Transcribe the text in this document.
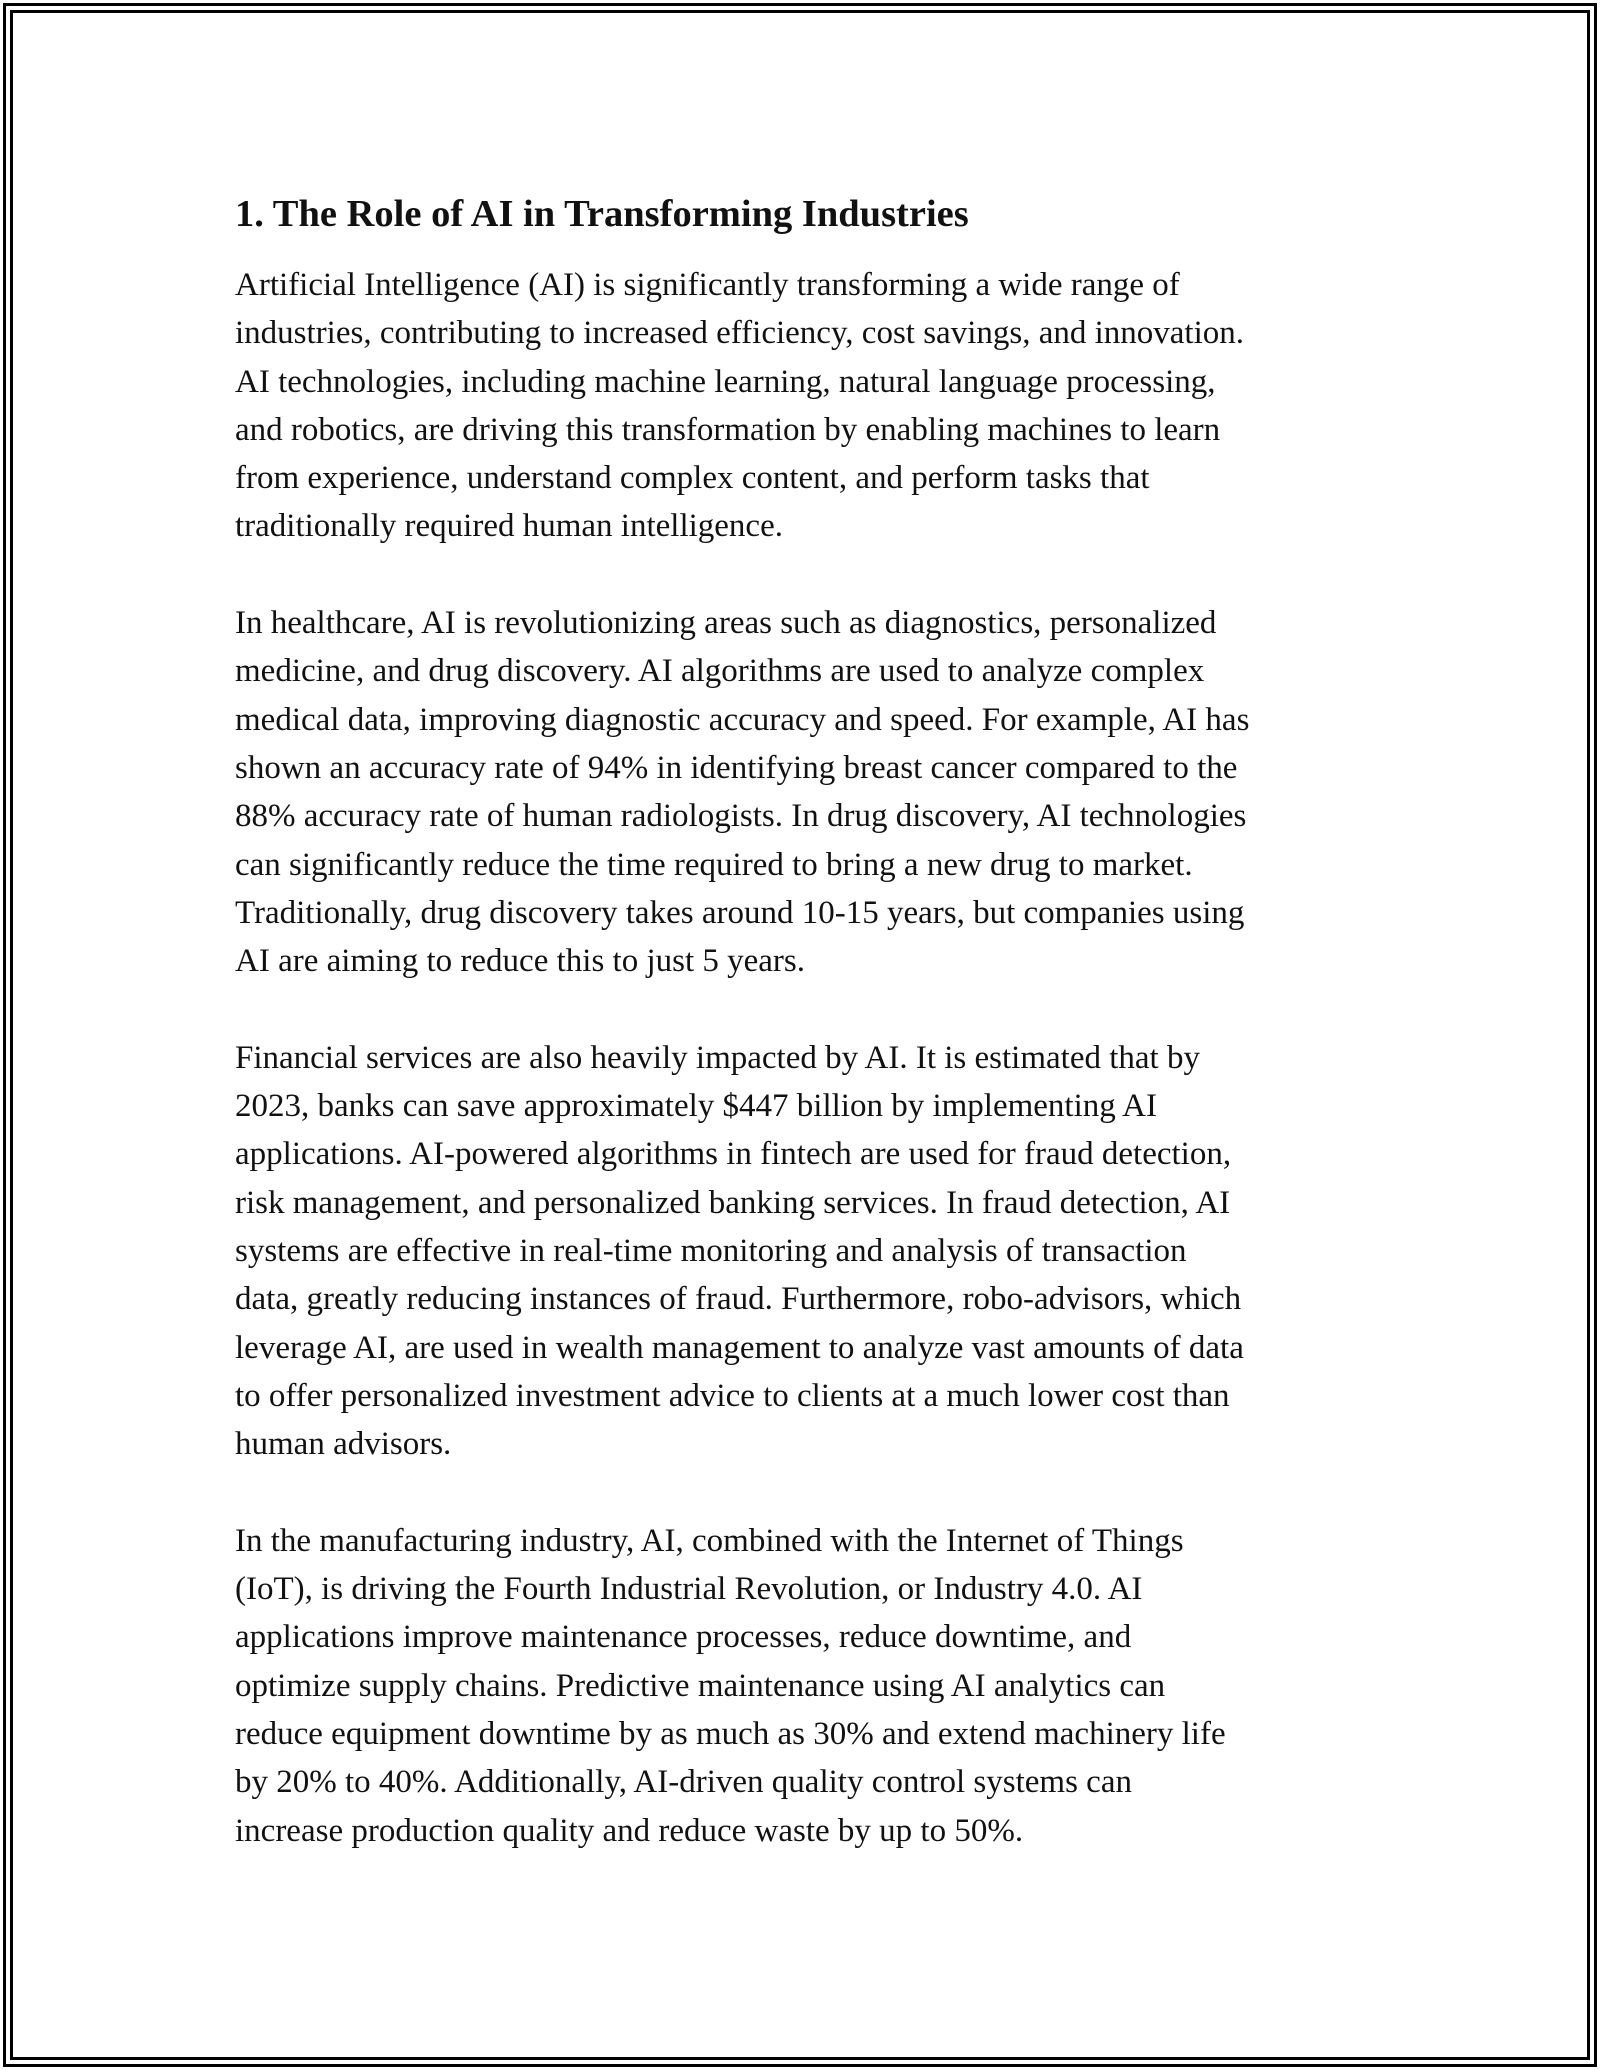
1. The Role of AI in Transforming Industries
Artificial Intelligence (AI) is significantly transforming a wide range of
industries, contributing to increased efficiency, cost savings, and innovation.
AI technologies, including machine learning, natural language processing,
and robotics, are driving this transformation by enabling machines to learn
from experience, understand complex content, and perform tasks that
traditionally required human intelligence.
In healthcare, AI is revolutionizing areas such as diagnostics, personalized
medicine, and drug discovery. AI algorithms are used to analyze complex
medical data, improving diagnostic accuracy and speed. For example, AI has
shown an accuracy rate of 94% in identifying breast cancer compared to the
88% accuracy rate of human radiologists. In drug discovery, AI technologies
can significantly reduce the time required to bring a new drug to market.
Traditionally, drug discovery takes around 10-15 years, but companies using
AI are aiming to reduce this to just 5 years.
Financial services are also heavily impacted by AI. It is estimated that by
2023, banks can save approximately $447 billion by implementing AI
applications. AI-powered algorithms in fintech are used for fraud detection,
risk management, and personalized banking services. In fraud detection, AI
systems are effective in real-time monitoring and analysis of transaction
data, greatly reducing instances of fraud. Furthermore, robo-advisors, which
leverage AI, are used in wealth management to analyze vast amounts of data
to offer personalized investment advice to clients at a much lower cost than
human advisors.
In the manufacturing industry, AI, combined with the Internet of Things
(IoT), is driving the Fourth Industrial Revolution, or Industry 4.0. AI
applications improve maintenance processes, reduce downtime, and
optimize supply chains. Predictive maintenance using AI analytics can
reduce equipment downtime by as much as 30% and extend machinery life
by 20% to 40%. Additionally, AI-driven quality control systems can
increase production quality and reduce waste by up to 50%.
